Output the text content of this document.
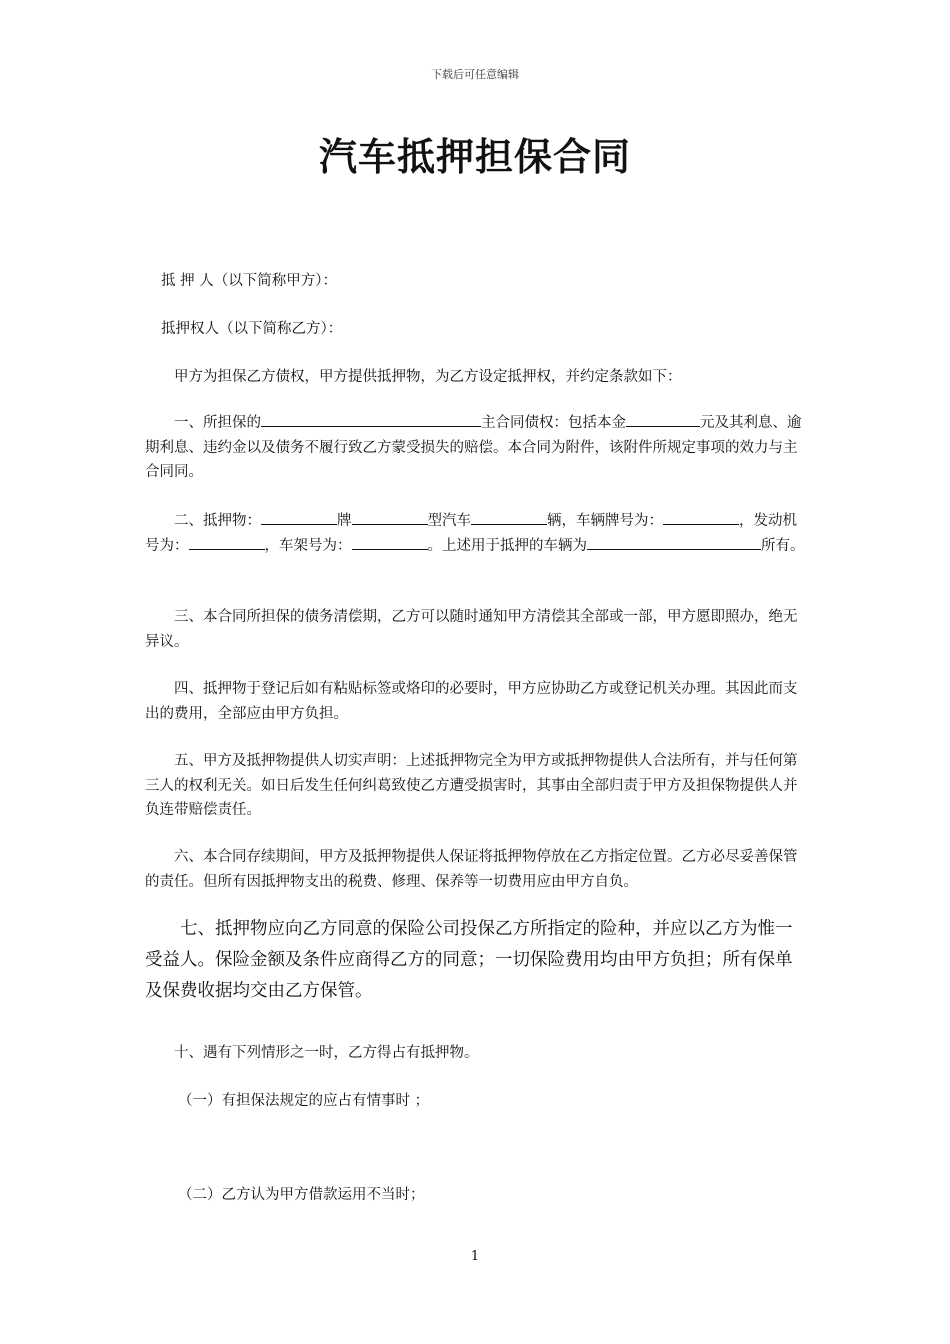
下载后可任意编辑
汽车抵押担保合同
抵 押 人（以下简称甲方）：
抵押权人（以下简称乙方）：
甲方为担保乙方债权，甲方提供抵押物，为乙方设定抵押权，并约定条款如下：
一、所担保的	主合同债权：包括本金	元及其利息、逾期利息、违约金以及债务不履行致乙方蒙受损失的赔偿。本合同为附件，该附件所规定事项的效力与主合同同。
二、抵押物：	牌	型汽车	辆，车辆牌号为：	，发动机号为：	，车架号为：	。上述用于抵押的车辆为	所有。
三、本合同所担保的债务清偿期，乙方可以随时通知甲方清偿其全部或一部，甲方愿即照办，绝无异议。
四、抵押物于登记后如有粘贴标签或烙印的必要时，甲方应协助乙方或登记机关办理。其因此而支出的费用，全部应由甲方负担。
五、甲方及抵押物提供人切实声明：上述抵押物完全为甲方或抵押物提供人合法所有，并与任何第三人的权利无关。如日后发生任何纠葛致使乙方遭受损害时，其事由全部归责于甲方及担保物提供人并负连带赔偿责任。
六、本合同存续期间，甲方及抵押物提供人保证将抵押物停放在乙方指定位置。乙方必尽妥善保管的责任。但所有因抵押物支出的税费、修理、保养等一切费用应由甲方自负。
七、抵押物应向乙方同意的保险公司投保乙方所指定的险种，并应以乙方为惟一受益人。保险金额及条件应商得乙方的同意；一切保险费用均由甲方负担；所有保单及保费收据均交由乙方保管。
十、遇有下列情形之一时，乙方得占有抵押物。
（一）有担保法规定的应占有情事时 ；
（二）乙方认为甲方借款运用不当时；
1
